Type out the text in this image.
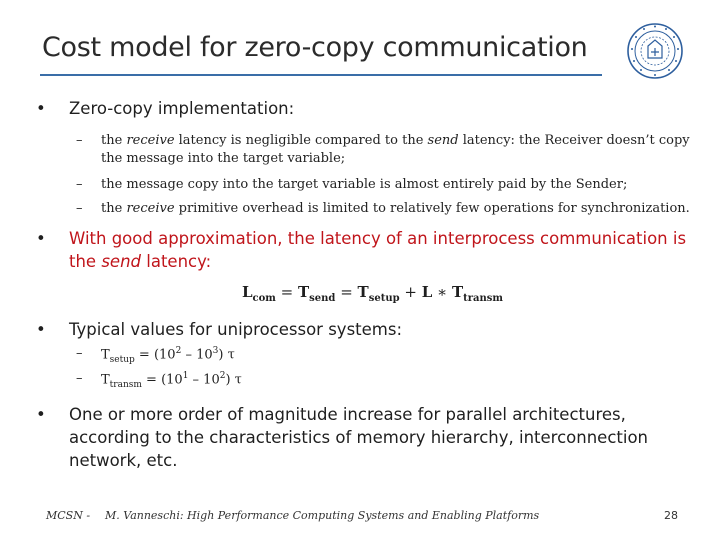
Cost model for zero-copy communication
• Zero-copy implementation:
– the receive latency is negligible compared to the send latency: the Receiver doesn’t copy
the message into the target variable;
– the message copy into the target variable is almost entirely paid by the Sender;
– the receive primitive overhead is limited to relatively few operations for synchronization.
• With good approximation, the latency of an interprocess communication is
the send latency:
$L_{com} = T_{send} = T_{setup} + L$ ∗ $T_{transm}$
• Typical values for uniprocessor systems:
– $T_{setup} = (10^2 - 10^3)$ τ
– $T_{transm} = (10^1 - 10^2)$ τ
• One or more order of magnitude increase for parallel architectures,
according to the characteristics of memory hierarchy, interconnection
network, etc.
MCSN - M. Vanneschi: High Performance Computing Systems and Enabling Platforms	28
